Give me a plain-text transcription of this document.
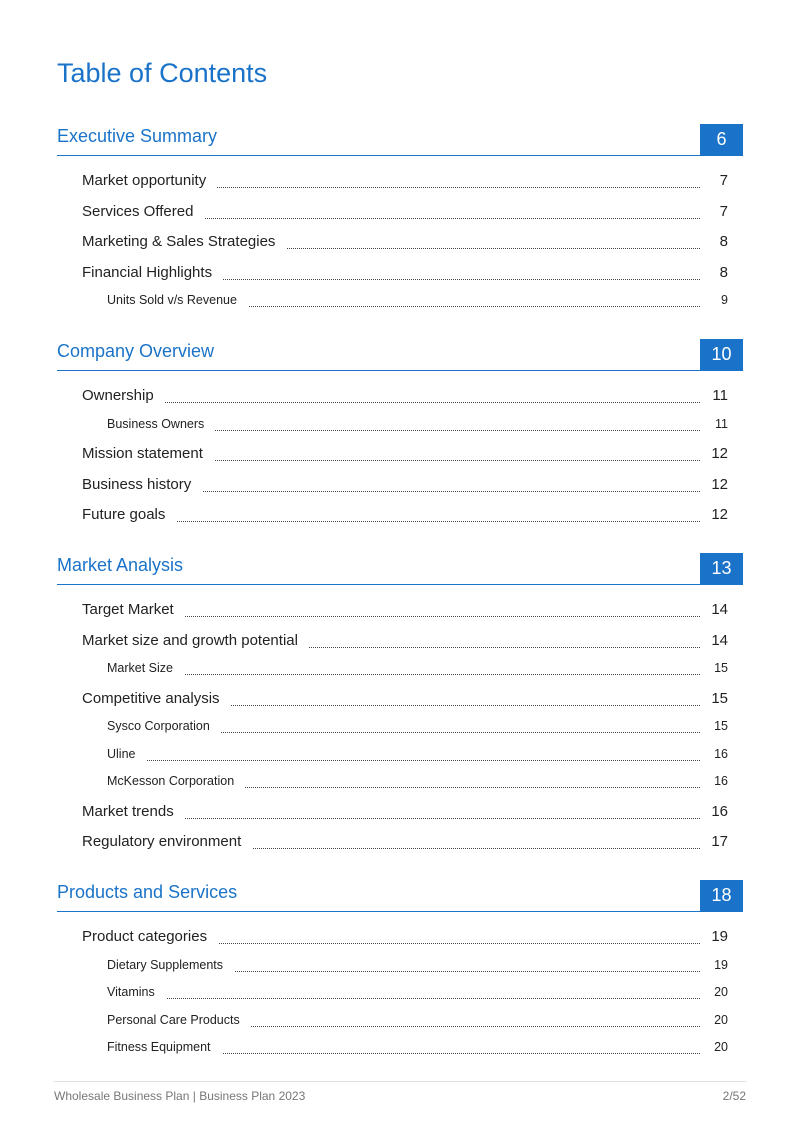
Table of Contents
Executive Summary	6
Market opportunity	7
Services Offered	7
Marketing & Sales Strategies	8
Financial Highlights	8
Units Sold v/s Revenue	9
Company Overview	10
Ownership	11
Business Owners	11
Mission statement	12
Business history	12
Future goals	12
Market Analysis	13
Target Market	14
Market size and growth potential	14
Market Size	15
Competitive analysis	15
Sysco Corporation	15
Uline	16
McKesson Corporation	16
Market trends	16
Regulatory environment	17
Products and Services	18
Product categories	19
Dietary Supplements	19
Vitamins	20
Personal Care Products	20
Fitness Equipment	20
Wholesale Business Plan | Business Plan 2023	2/52
